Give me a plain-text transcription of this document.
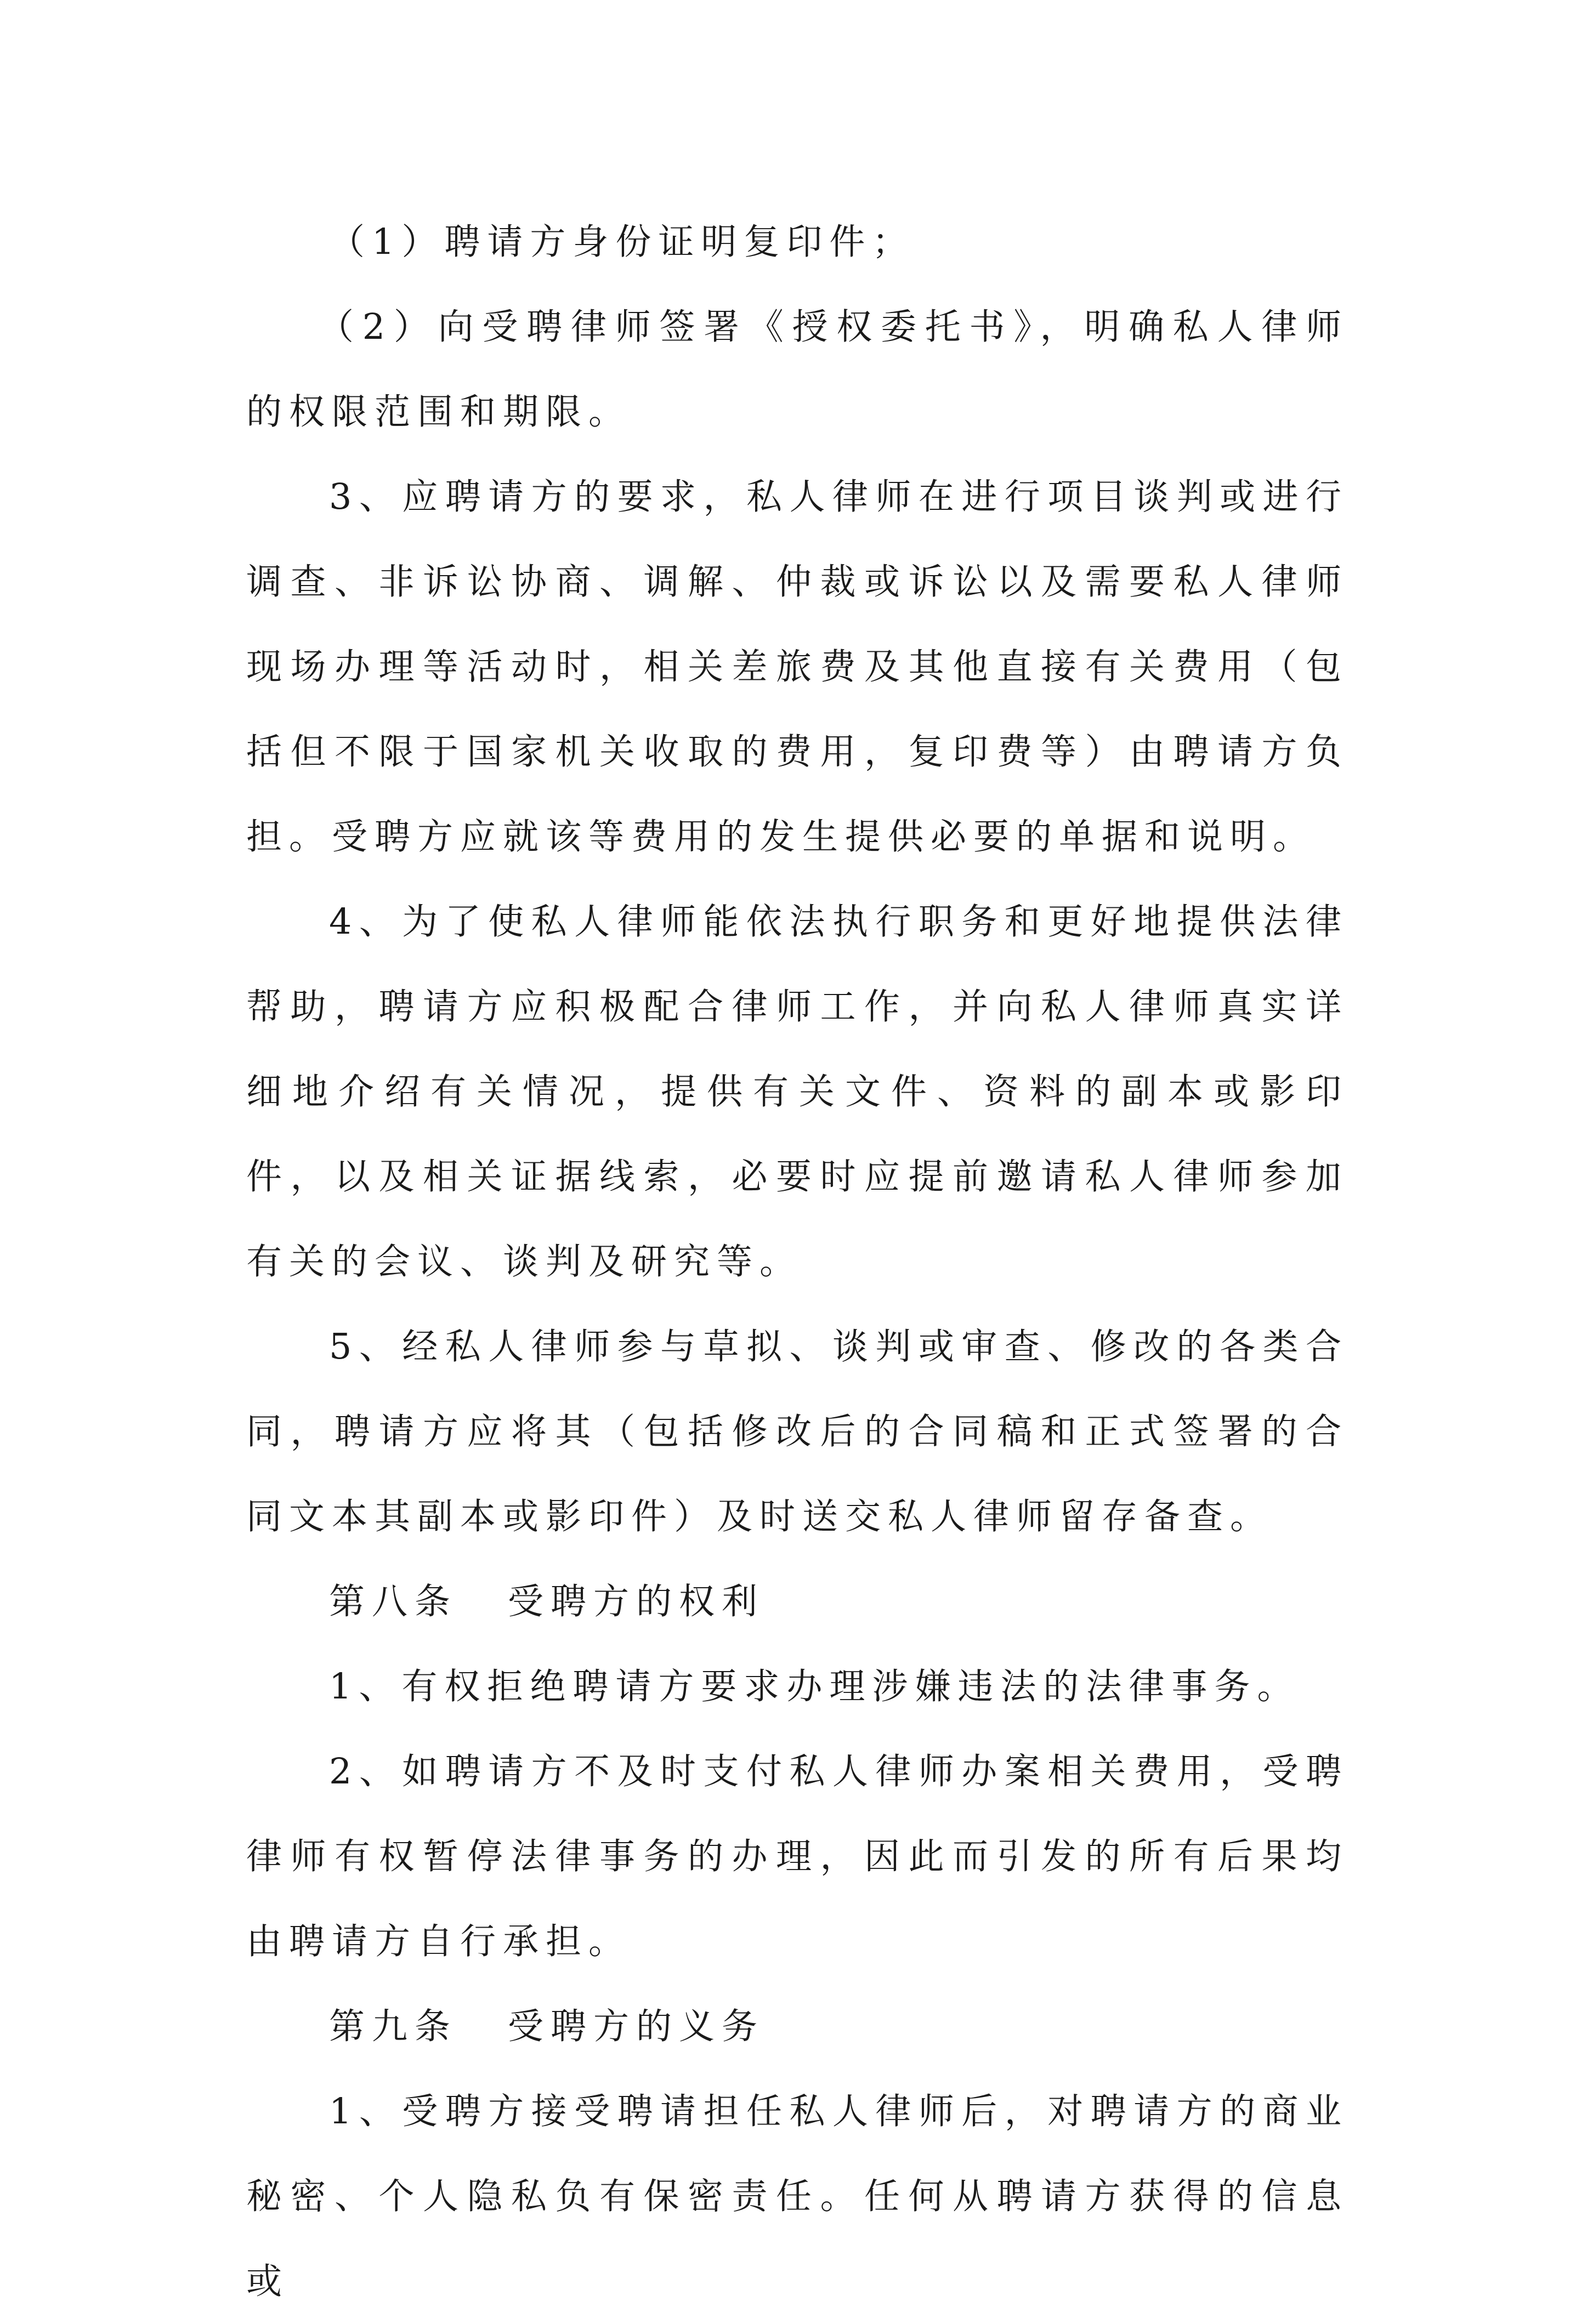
（1）聘请方身份证明复印件；

（2）向受聘律师签署《授权委托书》，明确私人律师的权限范围和期限。

3、应聘请方的要求，私人律师在进行项目谈判或进行调查、非诉讼协商、调解、仲裁或诉讼以及需要私人律师现场办理等活动时，相关差旅费及其他直接有关费用（包括但不限于国家机关收取的费用，复印费等）由聘请方负担。受聘方应就该等费用的发生提供必要的单据和说明。

4、为了使私人律师能依法执行职务和更好地提供法律帮助，聘请方应积极配合律师工作，并向私人律师真实详细地介绍有关情况，提供有关文件、资料的副本或影印件，以及相关证据线索，必要时应提前邀请私人律师参加有关的会议、谈判及研究等。

5、经私人律师参与草拟、谈判或审查、修改的各类合同，聘请方应将其（包括修改后的合同稿和正式签署的合同文本其副本或影印件）及时送交私人律师留存备查。

第八条 受聘方的权利

1、有权拒绝聘请方要求办理涉嫌违法的法律事务。

2、如聘请方不及时支付私人律师办案相关费用，受聘律师有权暂停法律事务的办理，因此而引发的所有后果均由聘请方自行承担。

第九条 受聘方的义务

1、受聘方接受聘请担任私人律师后，对聘请方的商业秘密、个人隐私负有保密责任。任何从聘请方获得的信息或
